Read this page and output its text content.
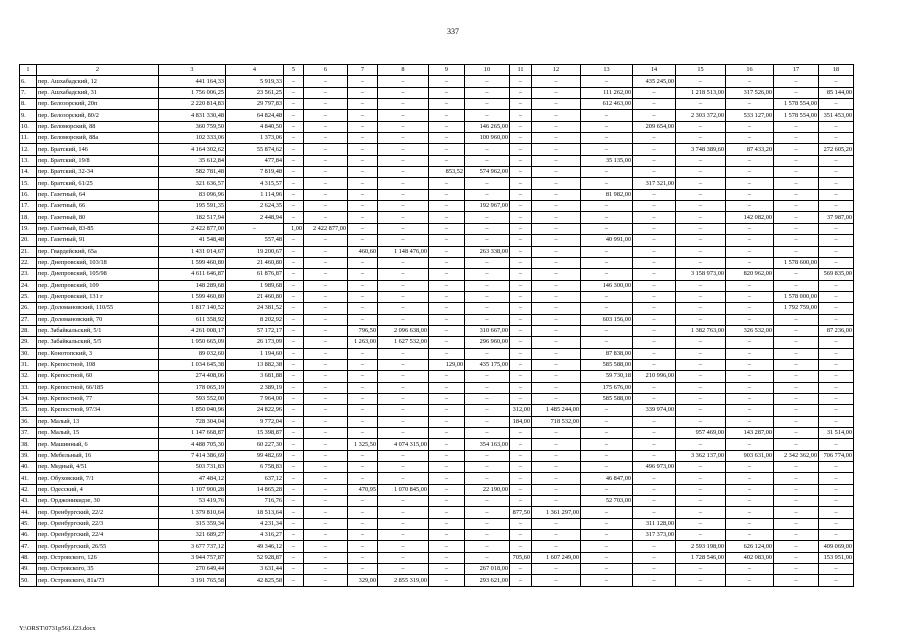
337
1	2	3	4	5	6	7	8	9	10	11	12	13	14	15	16	17	18
6.	пер. Ашхабадский, 12	441 164,33	5 919,33	–	–	–	–	–	–	–	–	–	435 245,00	–	–	–	–
7.	пер. Ашхабадский, 31	1 756 006,25	23 561,25	–	–	–	–	–	–	–	–	111 262,00	–	1 218 513,00	317 526,00	–	85 144,00
8.	пер. Белозорский, 20п	2 220 814,83	29 797,83	–	–	–	–	–	–	–	–	612 463,00	–	–	–	1 578 554,00	–
9.	пер. Белозорский, 80/2	4 831 330,48	64 824,48	–	–	–	–	–	–	–	–	–	–	2 303 372,00	533 127,00	1 578 554,00	351 453,00
10.	пер. Беломорский, 88	360 759,50	4 840,50	–	–	–	–	–	146 265,00	–	–	–	209 654,00	–	–	–	–
11.	пер. Беломорский, 88а	102 333,06	1 373,06	–	–	–	–	–	100 960,00	–	–	–	–	–	–	–	–
12.	пер. Братский, 146	4 164 302,62	55 874,62	–	–	–	–	–	–	–	–	–	–	3 748 389,60	87 433,20	–	272 605,20
13.	пер. Братский, 19/8	35 612,84	477,84	–	–	–	–	–	–	–	–	35 135,00	–	–	–	–	–
14.	пер. Братский, 32-34	582 781,48	7 819,48	–	–	–	–	853,52	574 962,00	–	–	–	–	–	–	–	–
15.	пер. Братский, 61/25	321 636,57	4 315,57	–	–	–	–	–	–	–	–	–	317 321,00	–	–	–	–
16.	пер. Газетный, 64	83 096,96	1 114,96	–	–	–	–	–	–	–	–	81 982,00	–	–	–	–	–
17.	пер. Газетный, 66	195 591,35	2 624,35	–	–	–	–	–	192 967,00	–	–	–	–	–	–	–	–
18.	пер. Газетный, 80	182 517,94	2 448,94	–	–	–	–	–	–	–	–	–	–	–	142 082,00	–	37 987,00
19.	пер. Газетный, 83-85	2 422 877,00	–	1,00	2 422 877,00	–	–	–	–	–	–	–	–	–	–	–	–
20.	пер. Газетный, 91	41 548,48	557,48	–	–	–	–	–	–	–	–	40 991,00	–	–	–	–	–
21.	пер. Гвардейский, 65а	1 431 014,67	19 200,67	–	–	460,60	1 148 476,00	–	263 338,00	–	–	–	–	–	–	–	–
22.	пер. Днепровский, 103/18	1 599 460,80	21 460,80	–	–	–	–	–	–	–	–	–	–	–	–	1 578 600,00	–
23.	пер. Днепровский, 105/98	4 611 646,87	61 876,87	–	–	–	–	–	–	–	–	–	–	3 158 973,00	820 962,00	–	569 835,00
24.	пер. Днепровский, 109	148 289,68	1 989,68	–	–	–	–	–	–	–	–	146 300,00	–	–	–	–	–
25.	пер. Днепровский, 131 г	1 599 460,80	21 460,80	–	–	–	–	–	–	–	–	–	–	–	–	1 578 000,00	–
26.	пер. Доломановский, 110/55	1 817 140,52	24 381,52	–	–	–	–	–	–	–	–	–	–	–	–	1 792 759,00	–
27.	пер. Доломановский, 70	611 358,92	8 202,92	–	–	–	–	–	–	–	–	603 156,00	–	–	–	–	–
28.	пер. Забайкальский, 5/1	4 261 008,17	57 172,17	–	–	796,50	2 096 638,00	–	310 667,00	–	–	–	–	1 382 763,00	326 532,00	–	87 236,00
29.	пер. Забайкальский, 5/5	1 950 665,09	26 173,09	–	–	1 263,00	1 627 532,00	–	296 960,00	–	–	–	–	–	–	–	–
30.	пер. Конотопский, 3	89 032,60	1 194,60	–	–	–	–	–	–	–	–	87 838,00	–	–	–	–	–
31.	пер. Крепостной, 108	1 034 645,38	13 882,38	–	–	–	–	129,00	435 175,00	–	–	585 588,00	–	–	–	–	–
32.	пер. Крепостной, 60	274 408,06	3 681,88	–	–	–	–	–	–	–	–	59 730,18	210 996,00	–	–	–	–
33.	пер. Крепостной, 66/185	178 065,19	2 389,19	–	–	–	–	–	–	–	–	175 676,00	–	–	–	–	–
34.	пер. Крепостной, 77	593 552,00	7 964,00	–	–	–	–	–	–	–	–	585 588,00	–	–	–	–	–
35.	пер. Крепостной, 97/34	1 850 040,96	24 822,96	–	–	–	–	–	–	312,00	1 485 244,00	–	339 974,00	–	–	–	–
36.	пер. Малый, 13	728 304,04	9 772,04	–	–	–	–	–	–	184,00	718 532,00	–	–	–	–	–	–
37.	пер. Малый, 15	1 147 668,87	15 398,87	–	–	–	–	–	–	–	–	–	–	957 469,00	143 287,00	–	31 514,00
38.	пер. Машинный, 6	4 488 705,30	60 227,30	–	–	1 325,50	4 074 315,00	–	354 163,00	–	–	–	–	–	–	–	–
39.	пер. Мебельный, 16	7 414 386,69	99 482,69	–	–	–	–	–	–	–	–	–	–	3 362 137,00	903 631,00	2 342 362,00	706 774,00
40.	пер. Медный, 4/51	503 731,83	6 758,83	–	–	–	–	–	–	–	–	–	496 973,00	–	–	–	–
41.	пер. Обуховский, 7/1	47 484,12	637,12	–	–	–	–	–	–	–	–	46 847,00	–	–	–	–	–
42.	пер. Одесский, 4	1 107 900,28	14 865,28	–	–	470,95	1 070 845,00	–	22 190,00	–	–	–	–	–	–	–	–
43.	пер. Орджоникидзе, 30	53 419,76	716,76	–	–	–	–	–	–	–	–	52 703,00	–	–	–	–	–
44.	пер. Оренбургский, 22/2	1 379 810,64	18 513,64	–	–	–	–	–	–	877,50	1 361 297,00	–	–	–	–	–	–
45.	пер. Оренбургский, 22/3	315 359,34	4 231,34	–	–	–	–	–	–	–	–	–	311 128,00	–	–	–	–
46.	пер. Оренбургский, 22/4	321 689,27	4 316,27	–	–	–	–	–	–	–	–	–	317 373,00	–	–	–	–
47.	пер. Оренбургский, 26/55	3 677 737,12	49 346,12	–	–	–	–	–	–	–	–	–	–	2 593 198,00	626 124,00	–	409 069,00
48.	пер. Островского, 126	3 944 757,87	52 928,87	–	–	–	–	–	–	705,60	1 607 249,00	–	–	1 728 546,00	402 083,00	–	153 951,00
49.	пер. Островского, 35	270 649,44	3 631,44	–	–	–	–	–	267 018,00	–	–	–	–	–	–	–	–
50.	пер. Островского, 81а/73	3 191 765,58	42 825,58	–	–	329,00	2 855 319,00	–	293 621,00	–	–	–	–	–	–	–	–
Y:\ORST\0731p561.f23.docx
